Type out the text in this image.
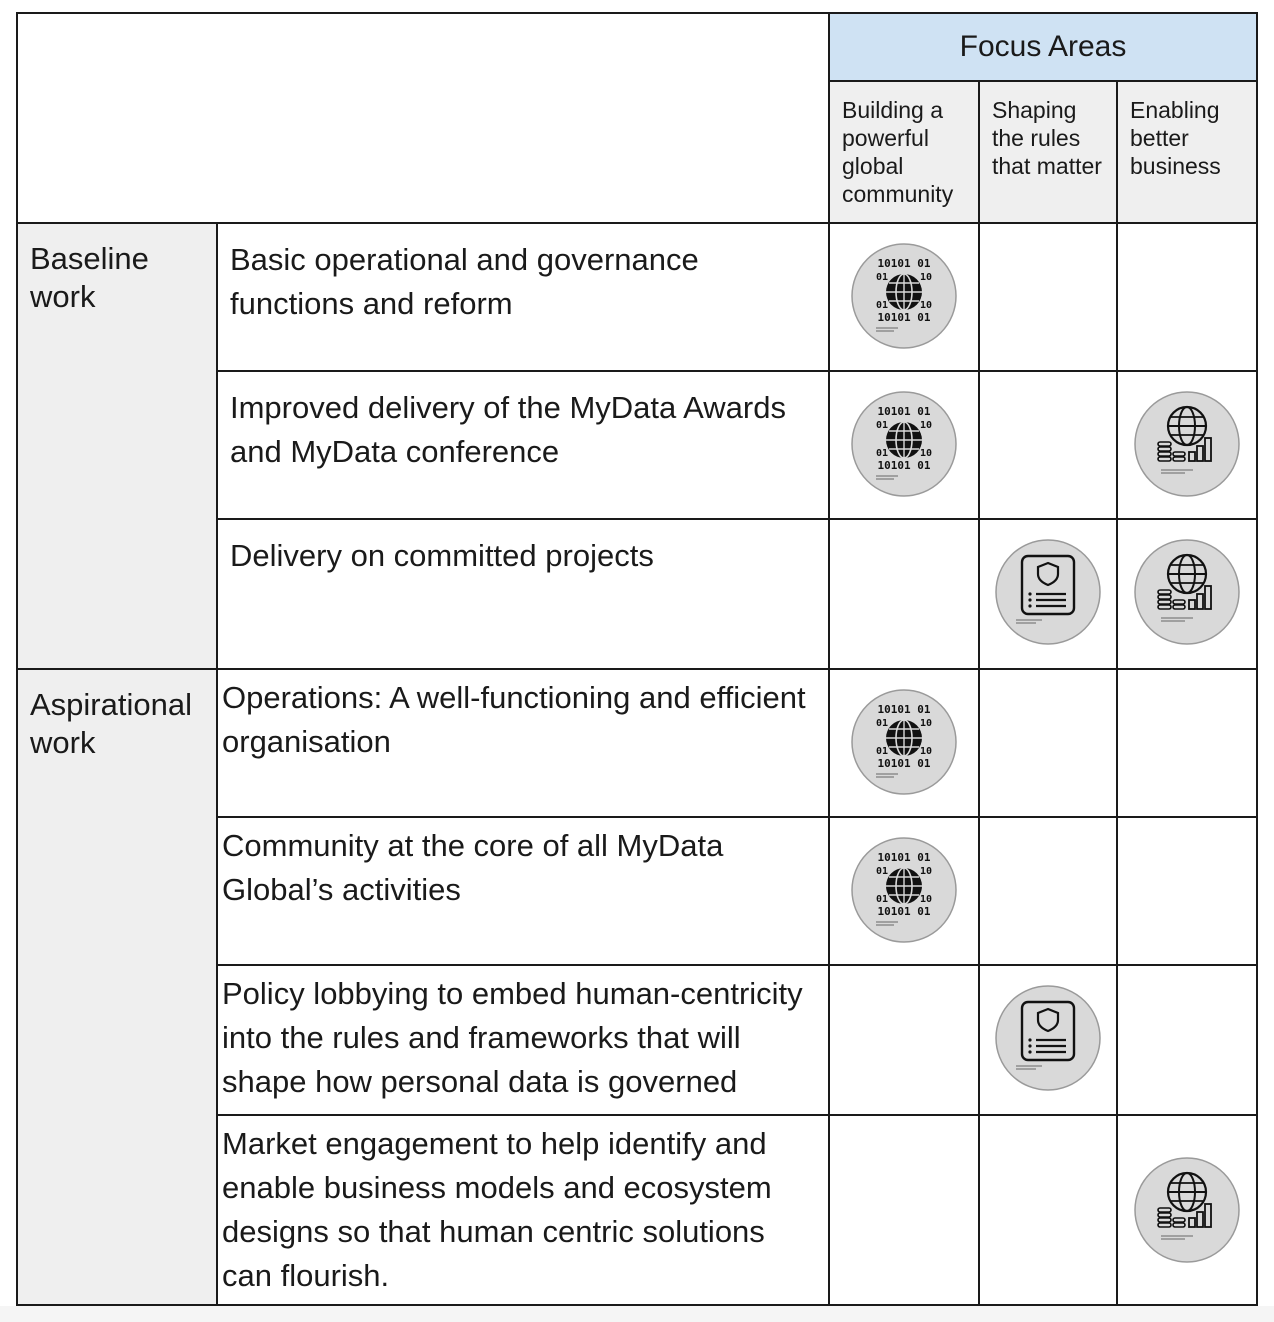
Focus Areas
Building a powerful global community
Shaping the rules that matter
Enabling better business
Baseline work
Aspirational work
Basic operational and governance functions and reform
Improved delivery of the MyData Awards and MyData conference
Delivery on committed projects
Operations: A well-functioning and efficient organisation
Community at the core of all MyData Global’s activities
Policy lobbying to embed human-centricity into the rules and frameworks that will shape how personal data is governed
Market engagement to help identify and enable business models and ecosystem designs so that human centric solutions can flourish.
